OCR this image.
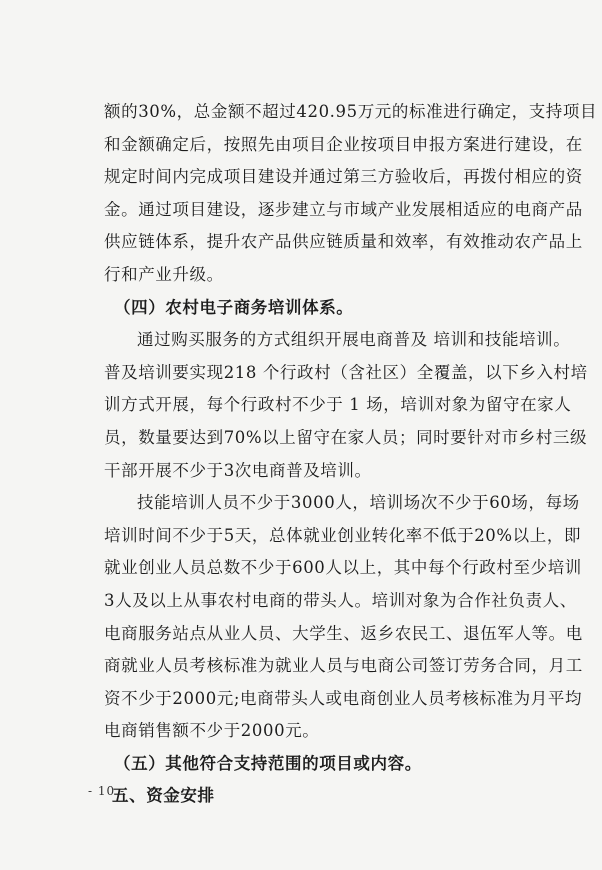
额的30%，总金额不超过420.95万元的标准进行确定，支持项目
和金额确定后，按照先由项目企业按项目申报方案进行建设，在
规定时间内完成项目建设并通过第三方验收后，再拨付相应的资
金。通过项目建设，逐步建立与市域产业发展相适应的电商产品
供应链体系，提升农产品供应链质量和效率，有效推动农产品上
行和产业升级。
（四）农村电子商务培训体系。
通过购买服务的方式组织开展电商普及 培训和技能培训。
普及培训要实现218 个行政村（含社区）全覆盖，以下乡入村培
训方式开展，每个行政村不少于 1 场，培训对象为留守在家人
员，数量要达到70%以上留守在家人员；同时要针对市乡村三级
干部开展不少于3次电商普及培训。
技能培训人员不少于3000人，培训场次不少于60场，每场
培训时间不少于5天，总体就业创业转化率不低于20%以上，即
就业创业人员总数不少于600人以上，其中每个行政村至少培训
3人及以上从事农村电商的带头人。培训对象为合作社负责人、
电商服务站点从业人员、大学生、返乡农民工、退伍军人等。电
商就业人员考核标准为就业人员与电商公司签订劳务合同，月工
资不少于2000元;电商带头人或电商创业人员考核标准为月平均
电商销售额不少于2000元。
（五）其他符合支持范围的项目或内容。
五、资金安排
- 10 -
